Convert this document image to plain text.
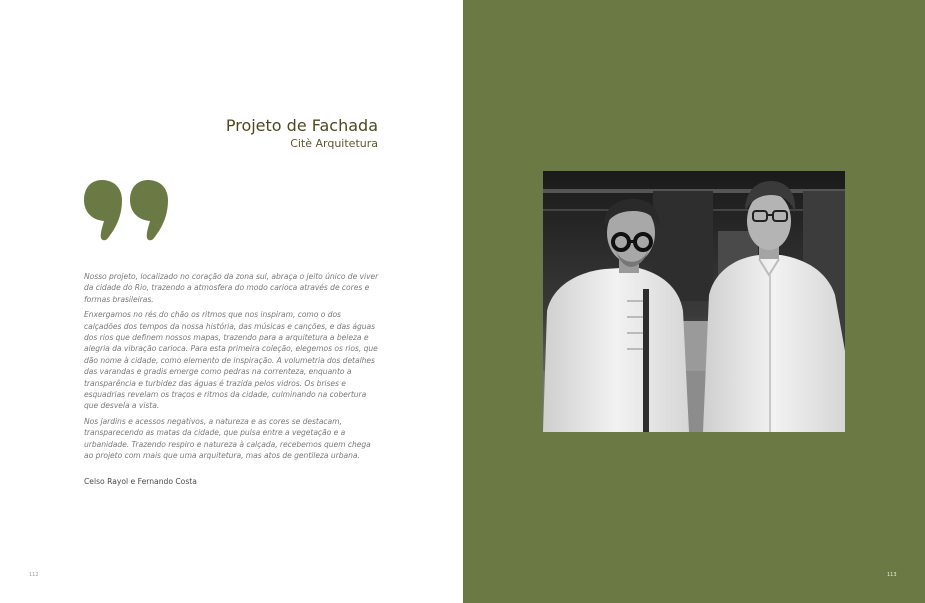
Projeto de Fachada
Citè Arquitetura

Nosso projeto, localizado no coração da zona sul, abraça o jeito único de viver da cidade do Rio, trazendo a atmosfera do modo carioca através de cores e formas brasileiras.

Enxergamos no rés do chão os ritmos que nos inspiram, como o dos calçadões dos tempos da nossa história, das músicas e canções, e das águas dos rios que definem nossos mapas, trazendo para a arquitetura a beleza e alegria da vibração carioca. Para esta primeira coleção, elegemos os rios, que dão nome à cidade, como elemento de inspiração. A volumetria dos detalhes das varandas e gradis emerge como pedras na correnteza, enquanto a transparência e turbidez das águas é trazida pelos vidros. Os brises e esquadrias revelam os traços e ritmos da cidade, culminando na cobertura que desvela a vista.

Nos jardins e acessos negativos, a natureza e as cores se destacam, transparecendo as matas da cidade, que pulsa entre a vegetação e a urbanidade. Trazendo respiro e natureza à calçada, recebemos quem chega ao projeto com mais que uma arquitetura, mas atos de gentileza urbana.

Celso Rayol e Fernando Costa
112	113
